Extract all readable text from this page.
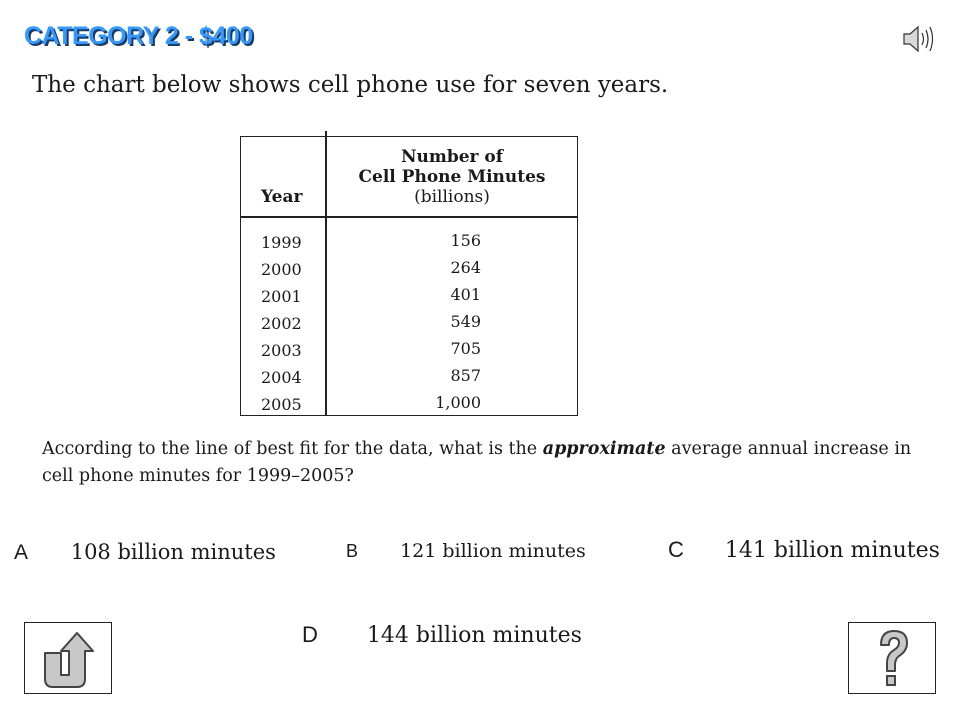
CATEGORY 2 - $400
The chart below shows cell phone use for seven years.
Year
Number of
Cell Phone Minutes
(billions)
1999
2000
2001
2002
2003
2004
2005
156
264
401
549
705
857
1,000
According to the line of best fit for the data, what is the approximate average annual increase in cell phone minutes for 1999–2005?
A 108 billion minutes	B 121 billion minutes	C 141 billion minutes
D 144 billion minutes
